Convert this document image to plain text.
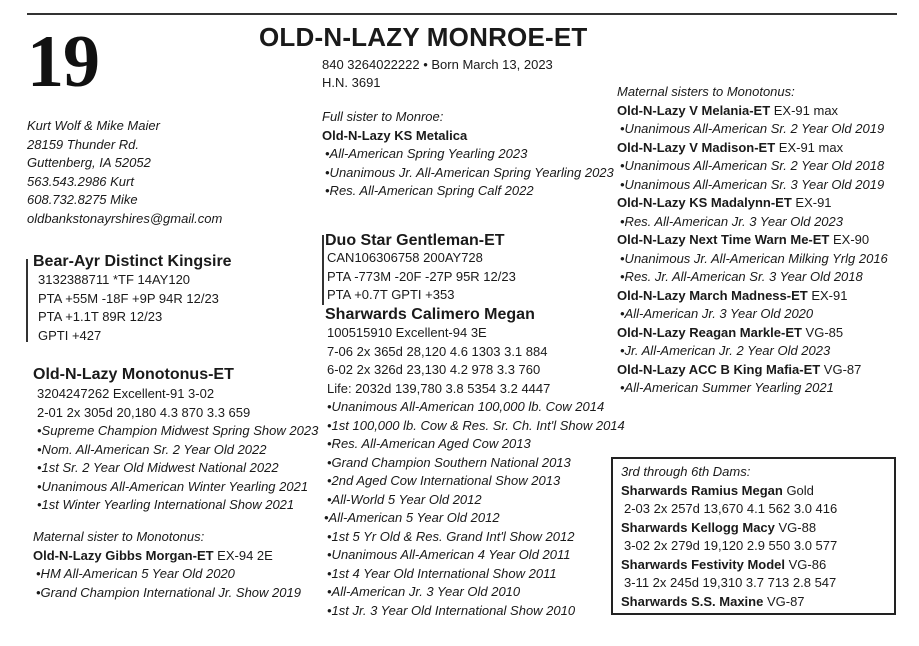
19	OLD-N-LAZY MONROE-ET
840 3264022222 • Born March 13, 2023
H.N. 3691
Kurt Wolf & Mike Maier
28159 Thunder Rd.
Guttenberg, IA 52052
563.543.2986 Kurt
608.732.8275 Mike
oldbankstonayrshires@gmail.com
Bear-Ayr Distinct Kingsire
3132388711 *TF 14AY120
PTA +55M -18F +9P 94R 12/23
PTA +1.1T 89R 12/23
GPTI +427
Old-N-Lazy Monotonus-ET
3204247262 Excellent-91 3-02
2-01 2x 305d 20,180 4.3 870 3.3 659
•Supreme Champion Midwest Spring Show 2023
•Nom. All-American Sr. 2 Year Old 2022
•1st Sr. 2 Year Old Midwest National 2022
•Unanimous All-American Winter Yearling 2021
•1st Winter Yearling International Show 2021
Maternal sister to Monotonus:
Old-N-Lazy Gibbs Morgan-ET EX-94 2E
•HM All-American 5 Year Old 2020
•Grand Champion International Jr. Show 2019
Full sister to Monroe:
Old-N-Lazy KS Metalica
•All-American Spring Yearling 2023
•Unanimous Jr. All-American Spring Yearling 2023
•Res. All-American Spring Calf 2022
Duo Star Gentleman-ET
CAN106306758 200AY728
PTA -773M -20F -27P 95R 12/23
PTA +0.7T GPTI +353
Sharwards Calimero Megan
100515910 Excellent-94 3E
7-06 2x 365d 28,120 4.6 1303 3.1 884
6-02 2x 326d 23,130 4.2 978 3.3 760
Life: 2032d 139,780 3.8 5354 3.2 4447
•Unanimous All-American 100,000 lb. Cow 2014
•1st 100,000 lb. Cow & Res. Sr. Ch. Int'l Show 2014
•Res. All-American Aged Cow 2013
•Grand Champion Southern National 2013
•2nd Aged Cow International Show 2013
•All-World 5 Year Old 2012
•All-American 5 Year Old 2012
•1st 5 Yr Old & Res. Grand Int'l Show 2012
•Unanimous All-American 4 Year Old 2011
•1st 4 Year Old International Show 2011
•All-American Jr. 3 Year Old 2010
•1st Jr. 3 Year Old International Show 2010
Maternal sisters to Monotonus:
Old-N-Lazy V Melania-ET EX-91 max
•Unanimous All-American Sr. 2 Year Old 2019
Old-N-Lazy V Madison-ET EX-91 max
•Unanimous All-American Sr. 2 Year Old 2018
•Unanimous All-American Sr. 3 Year Old 2019
Old-N-Lazy KS Madalynn-ET EX-91
•Res. All-American Jr. 3 Year Old 2023
Old-N-Lazy Next Time Warn Me-ET EX-90
•Unanimous Jr. All-American Milking Yrlg 2016
•Res. Jr. All-American Sr. 3 Year Old 2018
Old-N-Lazy March Madness-ET EX-91
•All-American Jr. 3 Year Old 2020
Old-N-Lazy Reagan Markle-ET VG-85
•Jr. All-American Jr. 2 Year Old 2023
Old-N-Lazy ACC B King Mafia-ET VG-87
•All-American Summer Yearling 2021
3rd through 6th Dams:
Sharwards Ramius Megan Gold
2-03 2x 257d 13,670 4.1 562 3.0 416
Sharwards Kellogg Macy VG-88
3-02 2x 279d 19,120 2.9 550 3.0 577
Sharwards Festivity Model VG-86
3-11 2x 245d 19,310 3.7 713 2.8 547
Sharwards S.S. Maxine VG-87
